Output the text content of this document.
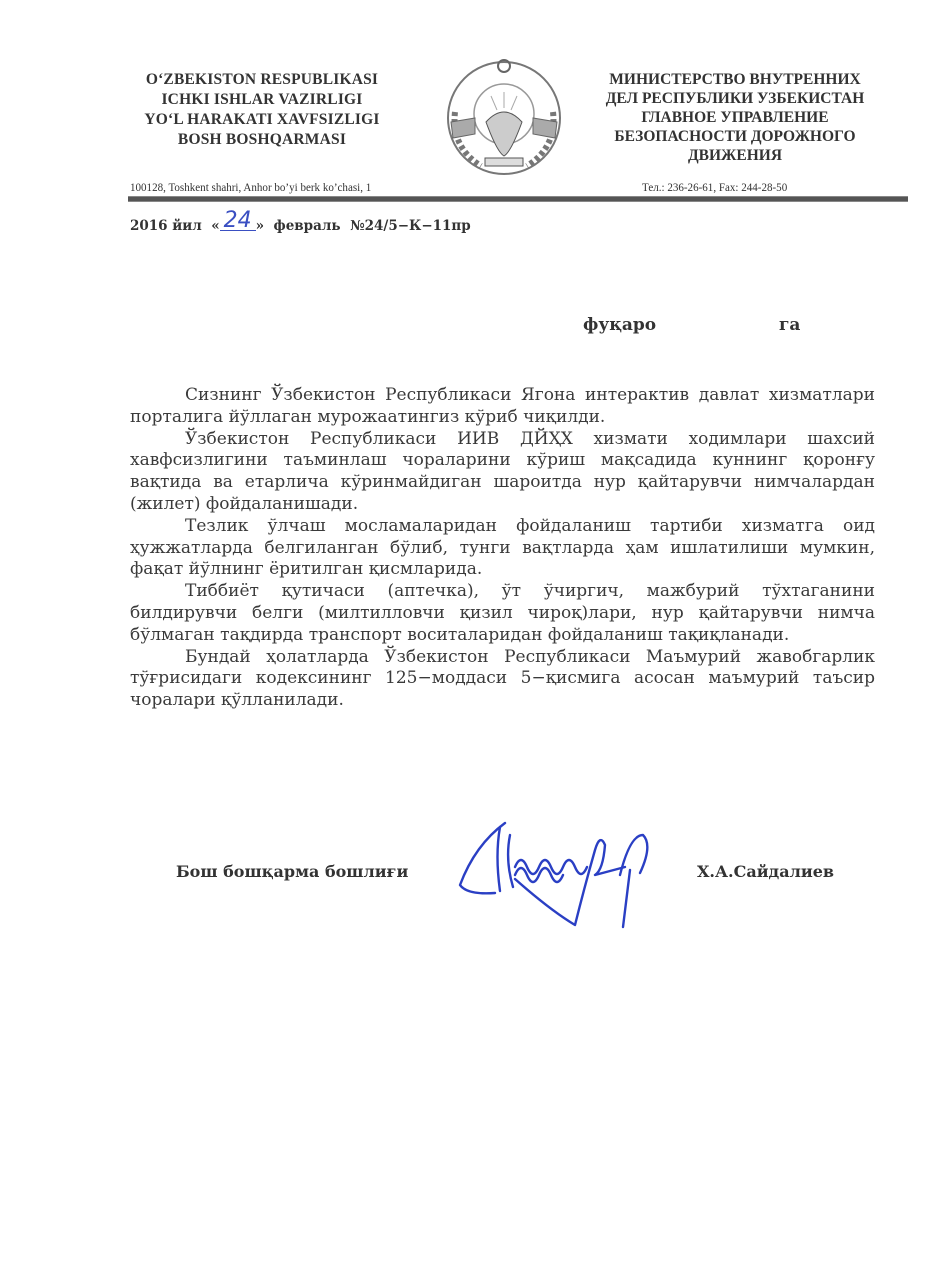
O‘ZBEKISTON RESPUBLIKASI
ICHKI ISHLAR VAZIRLIGI
YO‘L HARAKATI XAVFSIZLIGI
BOSH BOSHQARMASI
МИНИСТЕРСТВО ВНУТРЕННИХ
ДЕЛ РЕСПУБЛИКИ УЗБЕКИСТАН
ГЛАВНОЕ УПРАВЛЕНИЕ
БЕЗОПАСНОСТИ ДОРОЖНОГО
ДВИЖЕНИЯ
100128, Toshkent shahri, Anhor bo’yi berk ko’chasi, 1	Тел.: 236-26-61, Fax: 244-28-50
2016 йил « 24 » февраль №24/5−К−11пр
фуқаро	га

Сизнинг Ўзбекистон Республикаси Ягона интерактив давлат хизматлари порталига йўллаган мурожаатингиз кўриб чиқилди.

Ўзбекистон Республикаси ИИВ ДЙҲХ хизмати ходимлари шахсий хавфсизлигини таъминлаш чораларини кўриш мақсадида куннинг қоронғу вақтида ва етарлича кўринмайдиган шароитда нур қайтарувчи нимчалардан (жилет) фойдаланишади.

Тезлик ўлчаш мосламаларидан фойдаланиш тартиби хизматга оид ҳужжатларда белгиланган бўлиб, тунги вақтларда ҳам ишлатилиши мумкин, фақат йўлнинг ёритилган қисмларида.

Тиббиёт қутичаси (аптечка), ўт ўчиргич, мажбурий тўхтаганини билдирувчи белги (милтилловчи қизил чироқ)лари, нур қайтарувчи нимча бўлмаган тақдирда транспорт воситаларидан фойдаланиш тақиқланади.

Бундай ҳолатларда Ўзбекистон Республикаси Маъмурий жавобгарлик тўғрисидаги кодексининг 125−моддаси 5−қисмига асосан маъмурий таъсир чоралари қўлланилади.

Бош бошқарма бошлиғи	Х.А.Сайдалиев
